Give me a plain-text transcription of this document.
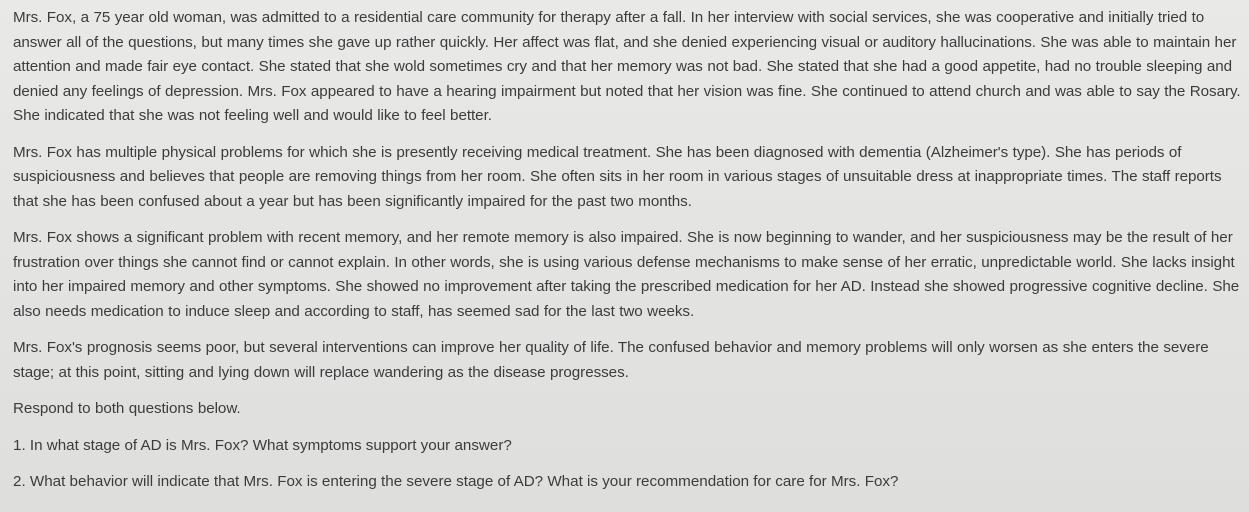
Mrs. Fox, a 75 year old woman, was admitted to a residential care community for therapy after a fall. In her interview with social services, she was cooperative and initially tried to answer all of the questions, but many times she gave up rather quickly. Her affect was flat, and she denied experiencing visual or auditory hallucinations. She was able to maintain her attention and made fair eye contact. She stated that she wold sometimes cry and that her memory was not bad. She stated that she had a good appetite, had no trouble sleeping and denied any feelings of depression. Mrs. Fox appeared to have a hearing impairment but noted that her vision was fine. She continued to attend church and was able to say the Rosary. She indicated that she was not feeling well and would like to feel better.

Mrs. Fox has multiple physical problems for which she is presently receiving medical treatment. She has been diagnosed with dementia (Alzheimer's type). She has periods of suspiciousness and believes that people are removing things from her room. She often sits in her room in various stages of unsuitable dress at inappropriate times. The staff reports that she has been confused about a year but has been significantly impaired for the past two months.

Mrs. Fox shows a significant problem with recent memory, and her remote memory is also impaired. She is now beginning to wander, and her suspiciousness may be the result of her frustration over things she cannot find or cannot explain. In other words, she is using various defense mechanisms to make sense of her erratic, unpredictable world. She lacks insight into her impaired memory and other symptoms. She showed no improvement after taking the prescribed medication for her AD. Instead she showed progressive cognitive decline. She also needs medication to induce sleep and according to staff, has seemed sad for the last two weeks.

Mrs. Fox's prognosis seems poor, but several interventions can improve her quality of life. The confused behavior and memory problems will only worsen as she enters the severe stage; at this point, sitting and lying down will replace wandering as the disease progresses.

Respond to both questions below.

1. In what stage of AD is Mrs. Fox? What symptoms support your answer?

2. What behavior will indicate that Mrs. Fox is entering the severe stage of AD? What is your recommendation for care for Mrs. Fox?
